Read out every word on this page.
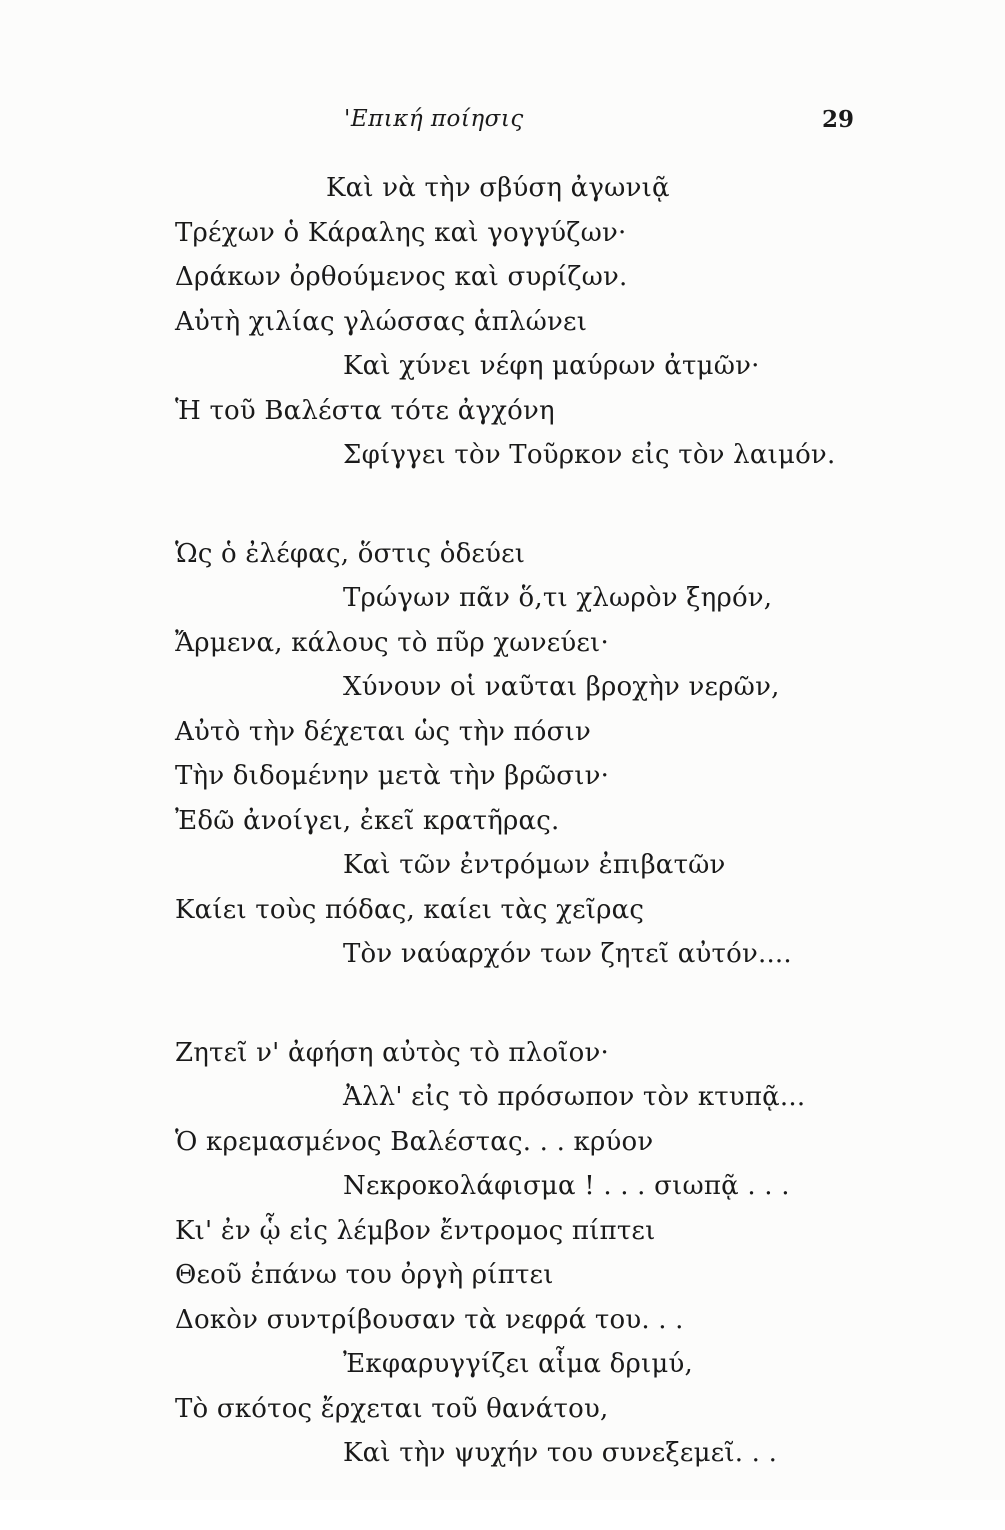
'Επική ποίησις	29
Καὶ νὰ τὴν σβύση ἀγωνιᾷ
Τρέχων ὁ Κάραλης καὶ γογγύζων·
Δράκων ὀρθούμενος καὶ συρίζων.
Αὐτὴ χιλίας γλώσσας ἁπλώνει
Καὶ χύνει νέφη μαύρων ἀτμῶν·
Ἡ τοῦ Βαλέστα τότε ἀγχόνη
Σφίγγει τὸν Τοῦρκον εἰς τὸν λαιμόν.
Ὡς ὁ ἐλέφας, ὅστις ὁδεύει
Τρώγων πᾶν ὅ,τι χλωρὸν ξηρόν,
Ἄρμενα, κάλους τὸ πῦρ χωνεύει·
Χύνουν οἱ ναῦται βροχὴν νερῶν,
Αὐτὸ τὴν δέχεται ὡς τὴν πόσιν
Τὴν διδομένην μετὰ τὴν βρῶσιν·
Ἐδῶ ἀνοίγει, ἐκεῖ κρατῆρας.
Καὶ τῶν ἐντρόμων ἐπιβατῶν
Καίει τοὺς πόδας, καίει τὰς χεῖρας
Τὸν ναύαρχόν των ζητεῖ αὐτόν....
Ζητεῖ ν' ἀφήση αὐτὸς τὸ πλοῖον·
Ἀλλ' εἰς τὸ πρόσωπον τὸν κτυπᾷ...
Ὁ κρεμασμένος Βαλέστας. . . κρύον
Νεκροκολάφισμα ! . . . σιωπᾷ . . .
Κι' ἐν ᾧ εἰς λέμβον ἔντρομος πίπτει
Θεοῦ ἐπάνω του ὀργὴ ρίπτει
Δοκὸν συντρίβουσαν τὰ νεφρά του. . .
Ἐκφαρυγγίζει αἷμα δριμύ,
Τὸ σκότος ἔρχεται τοῦ θανάτου,
Καὶ τὴν ψυχήν του συνεξεμεῖ. . .
